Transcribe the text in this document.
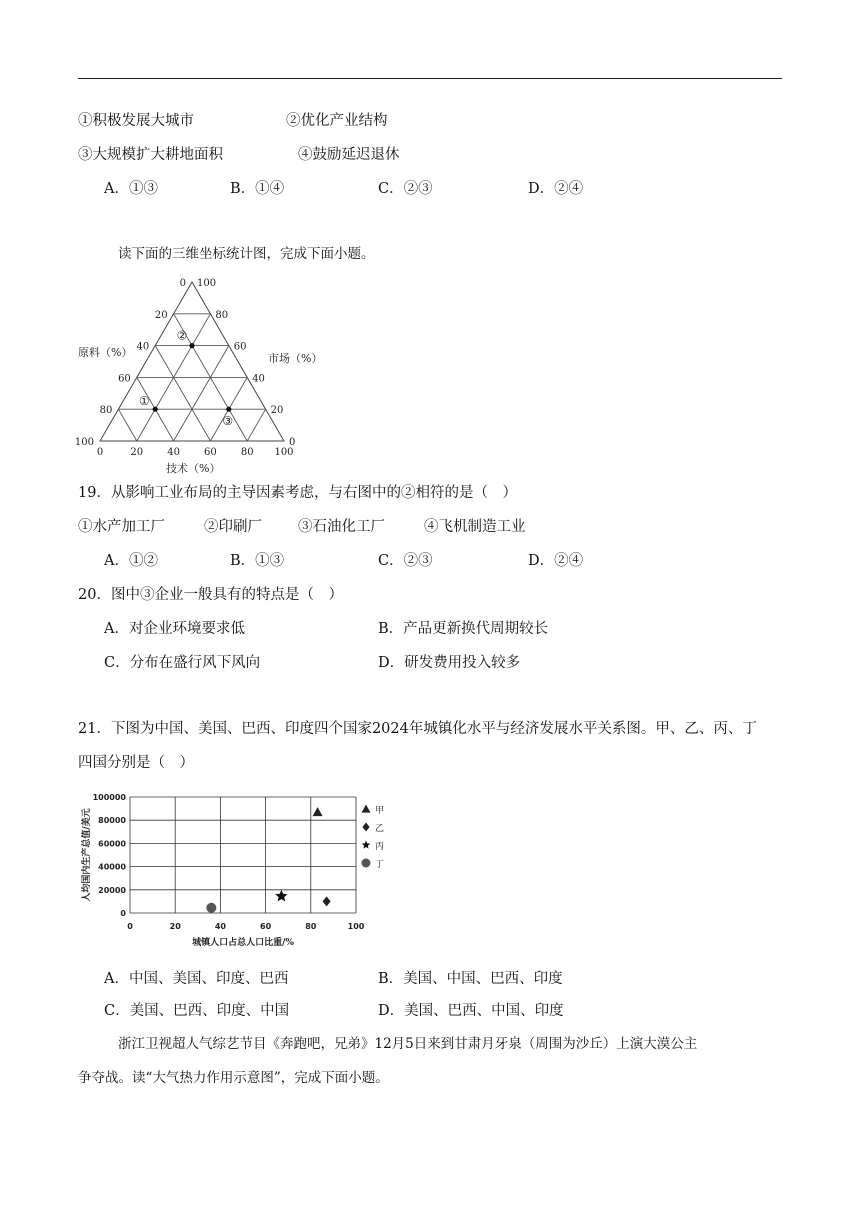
①积极发展大城市	②优化产业结构
③大规模扩大耕地面积	④鼓励延迟退休
A．①③	B．①④	C．②③	D．②④
读下面的三维坐标统计图，完成下面小题。
0
20
40
60
80
100
100
80
60
40
20
0
0	20 40 60 80 100
原料（%）	市场（%）
技术（%）
①
②
③
19．从影响工业布局的主导因素考虑，与右图中的②相符的是（　）
①水产加工厂	②印刷厂 ③石油化工厂	④飞机制造工业
A．①②	B．①③	C．②③	D．②④
20．图中③企业一般具有的特点是（　）
A．对企业环境要求低	B．产品更新换代周期较长
C．分布在盛行风下风向	D．研发费用投入较多
21．下图为中国、美国、巴西、印度四个国家2024年城镇化水平与经济发展水平关系图。甲、乙、丙、丁
四国分别是（　）
0	20	40	60	80	100
0
20000
40000
60000
80000
100000
城镇人口占总人口比重/%
人均国内生产总值/美元	甲
乙
丙
丁
A．中国、美国、印度、巴西	B．美国、中国、巴西、印度
C．美国、巴西、印度、中国	D．美国、巴西、中国、印度
浙江卫视超人气综艺节目《奔跑吧，兄弟》12月5日来到甘肃月牙泉（周围为沙丘）上演大漠公主
争夺战。读“大气热力作用示意图”，完成下面小题。
